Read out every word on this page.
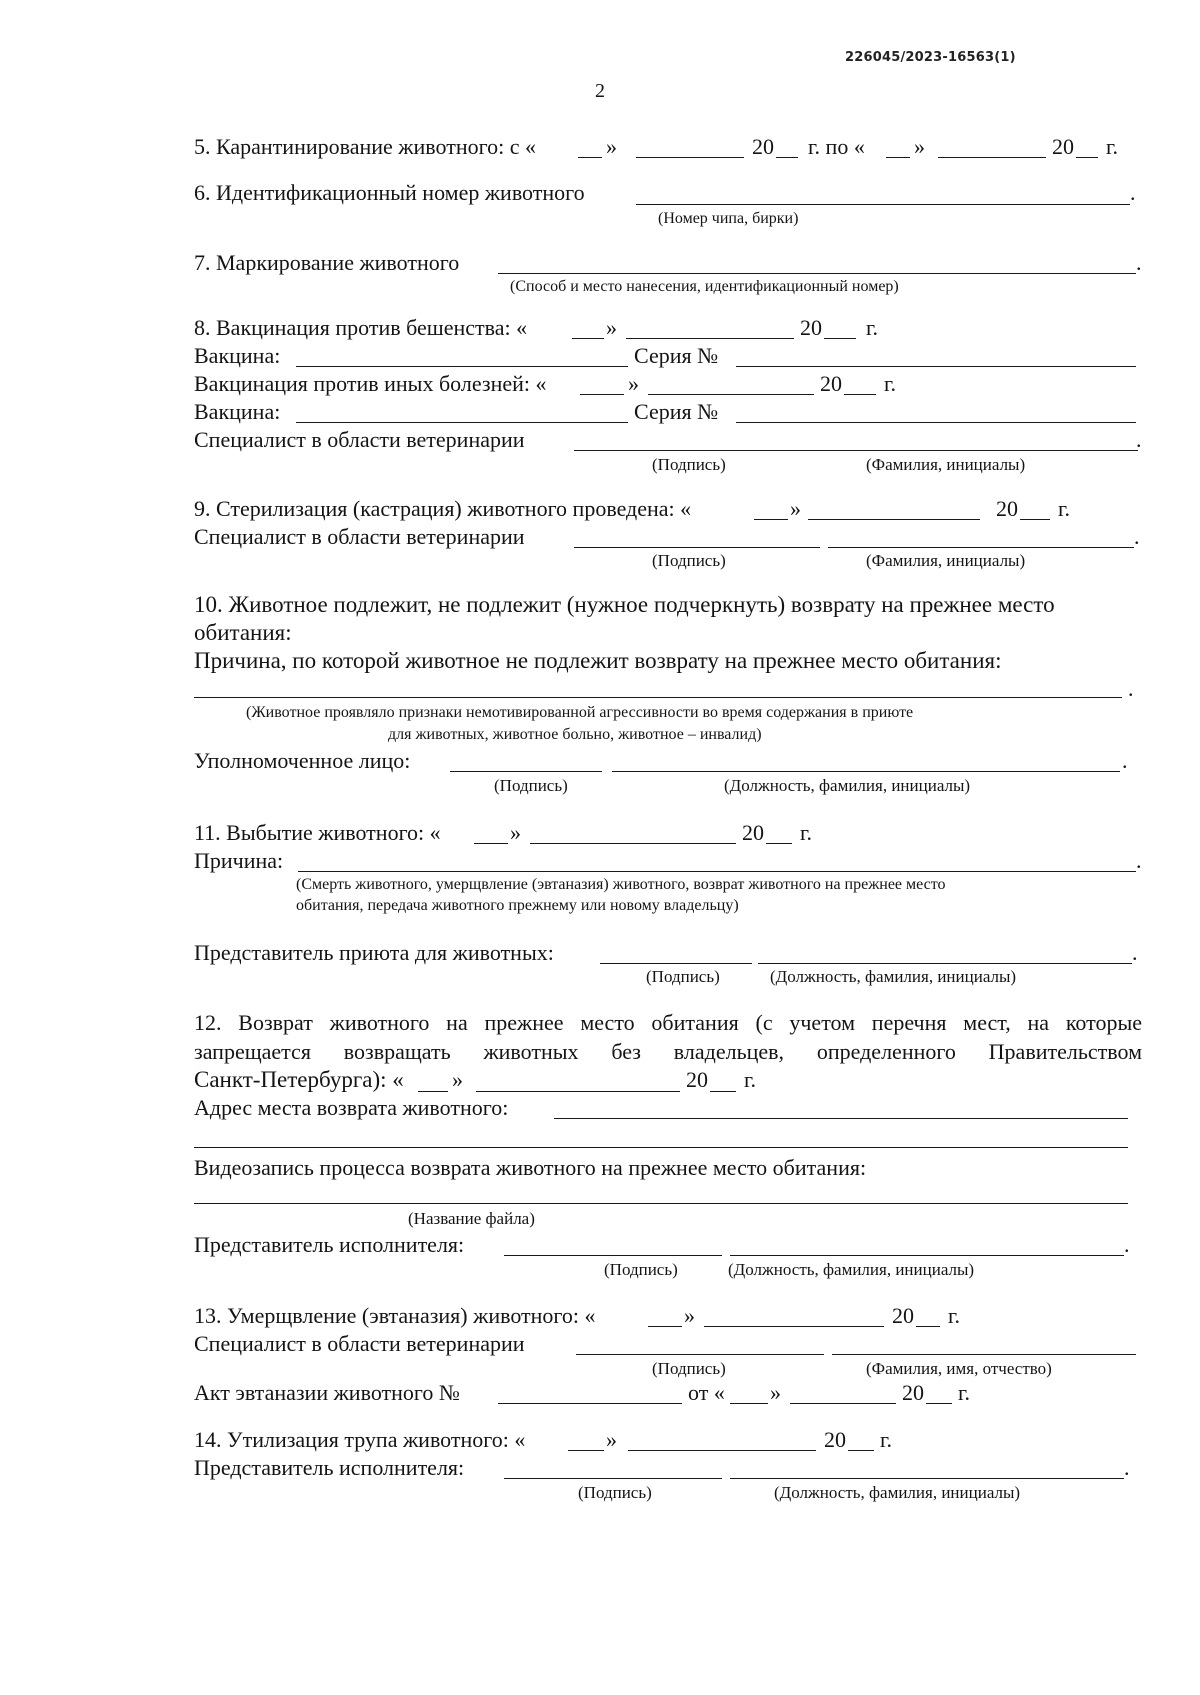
226045/2023-16563(1)
2
5. Карантинирование животного: с «	»	20 г. по « »	20 г.
6. Идентификационный номер животного	.
(Номер чипа, бирки)
7. Маркирование животного	.
(Способ и место нанесения, идентификационный номер)
8. Вакцинация против бешенства: «	»	20 г.
Вакцина:	Серия №
Вакцинация против иных болезней: «	»	20 г.
Вакцина:	Серия №
Специалист в области ветеринарии	.
(Подпись)	(Фамилия, инициалы)
9. Стерилизация (кастрация) животного проведена: «	»	20 г.
Специалист в области ветеринарии	.
(Подпись)	(Фамилия, инициалы)
10. Животное подлежит, не подлежит (нужное подчеркнуть) возврату на прежнее место
обитания:
Причина, по которой животное не подлежит возврату на прежнее место обитания:
.
(Животное проявляло признаки немотивированной агрессивности во время содержания в приюте
для животных, животное больно, животное – инвалид)
Уполномоченное лицо:	.
(Подпись)	(Должность, фамилия, инициалы)
11. Выбытие животного: «	»	20 г.
Причина:	.
(Смерть животного, умерщвление (эвтаназия) животного, возврат животного на прежнее место
обитания, передача животного прежнему или новому владельцу)
Представитель приюта для животных:	.
(Подпись)	(Должность, фамилия, инициалы)
12. Возврат животного на прежнее место обитания (с учетом перечня мест, на которые
запрещается возвращать животных без владельцев, определенного Правительством
Санкт-Петербурга): « »	20 г.
Адрес места возврата животного:
Видеозапись процесса возврата животного на прежнее место обитания:
(Название файла)
Представитель исполнителя:	.
(Подпись)	(Должность, фамилия, инициалы)
13. Умерщвление (эвтаназия) животного: «	»	20 г.
Специалист в области ветеринарии
(Подпись)	(Фамилия, имя, отчество)
Акт эвтаназии животного №	от « »	20 г.
14. Утилизация трупа животного: «	»	20 г.
Представитель исполнителя:	.
(Подпись)	(Должность, фамилия, инициалы)
